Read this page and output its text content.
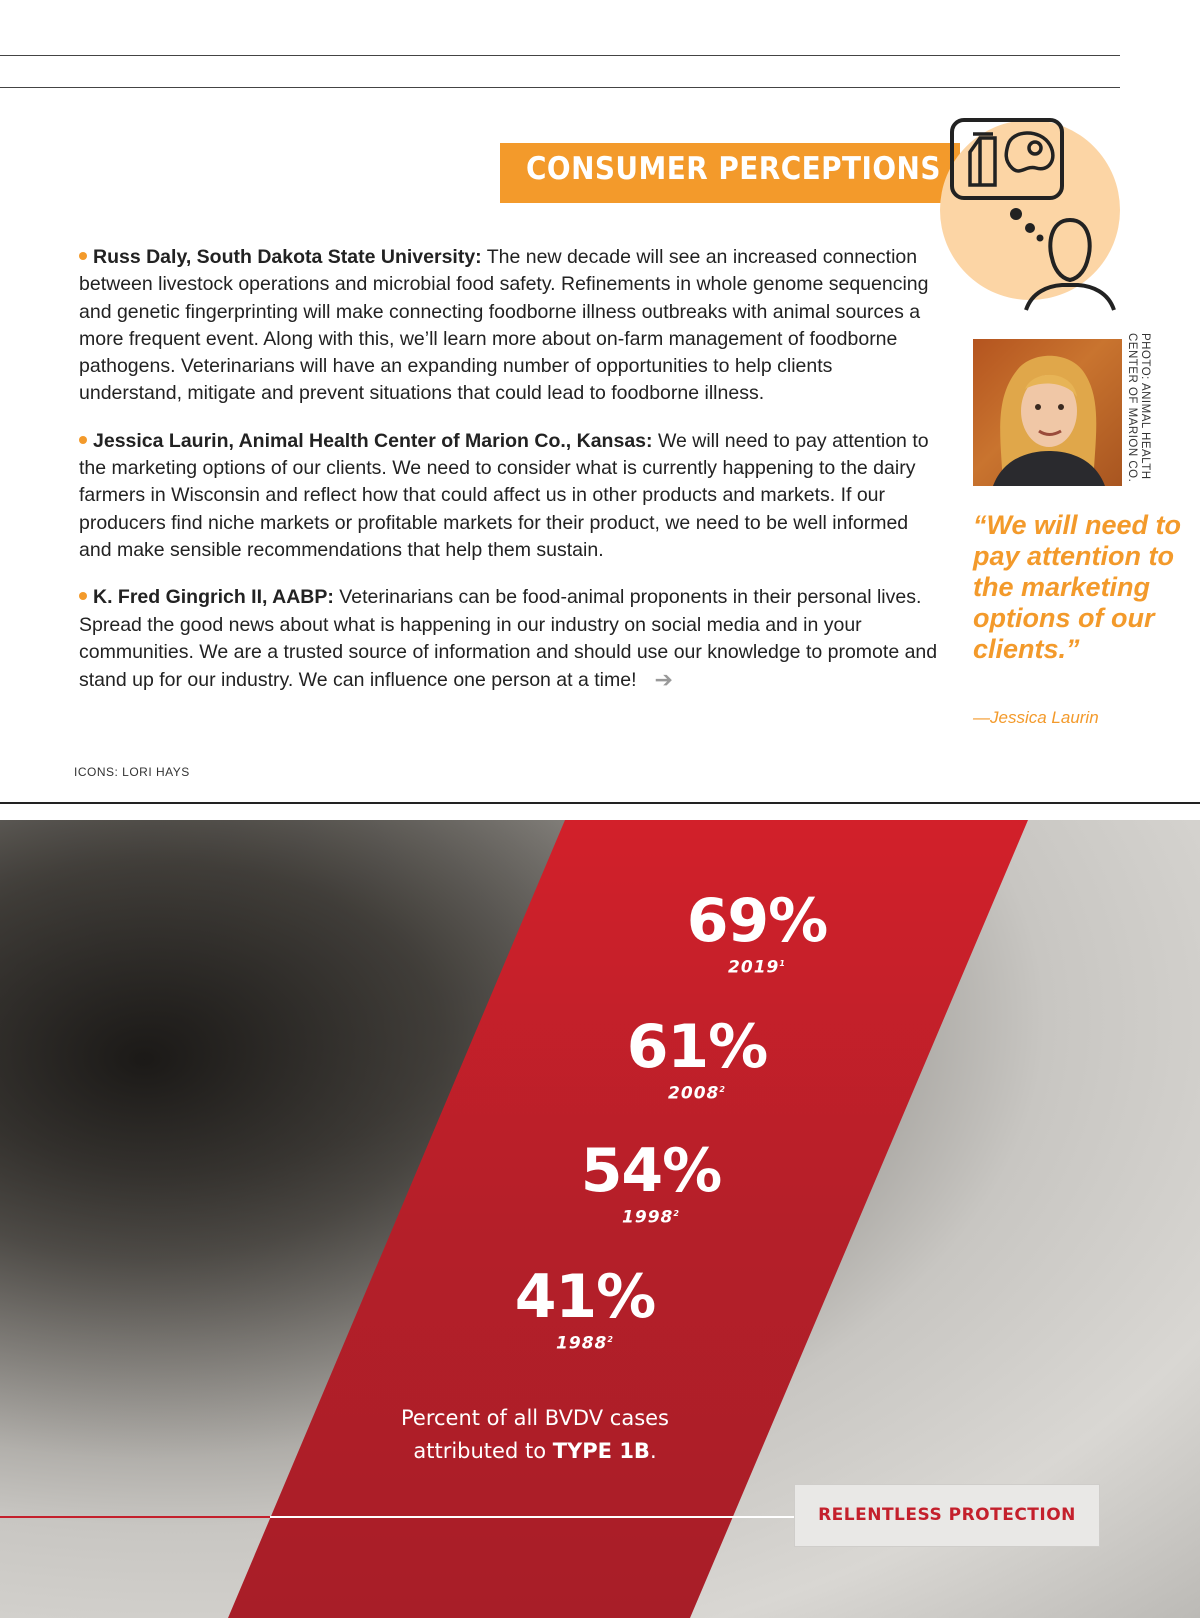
CONSUMER PERCEPTIONS

Russ Daly, South Dakota State University: The new decade will see an increased connection between livestock operations and microbial food safety. Refinements in whole genome sequencing and genetic fingerprinting will make connecting foodborne illness outbreaks with animal sources a more frequent event. Along with this, we’ll learn more about on-farm management of foodborne pathogens. Veterinarians will have an expanding number of opportunities to help clients understand, mitigate and prevent situations that could lead to foodborne illness.

Jessica Laurin, Animal Health Center of Marion Co., Kansas: We will need to pay attention to the marketing options of our clients. We need to consider what is currently happening to the dairy farmers in Wisconsin and reflect how that could affect us in other products and markets. If our producers find niche markets or profitable markets for their product, we need to be well informed and make sensible recommendations that help them sustain.

K. Fred Gingrich II, AABP: Veterinarians can be food-animal proponents in their personal lives. Spread the good news about what is happening in our industry on social media and in your communities. We are a trusted source of information and should use our knowledge to promote and stand up for our industry. We can influence one person at a time! ➔

PHOTO: ANIMAL HEALTH
CENTER OF MARION CO.
“We will need to pay attention to the marketing options of our clients.”
—Jessica Laurin
ICONS: LORI HAYS
69%
2019$^1$
61%
2008$^2$
54%
1998$^2$
41%
1988$^2$
Percent of all BVDV cases
attributed to TYPE 1B.
RELENTLESS PROTECTION
